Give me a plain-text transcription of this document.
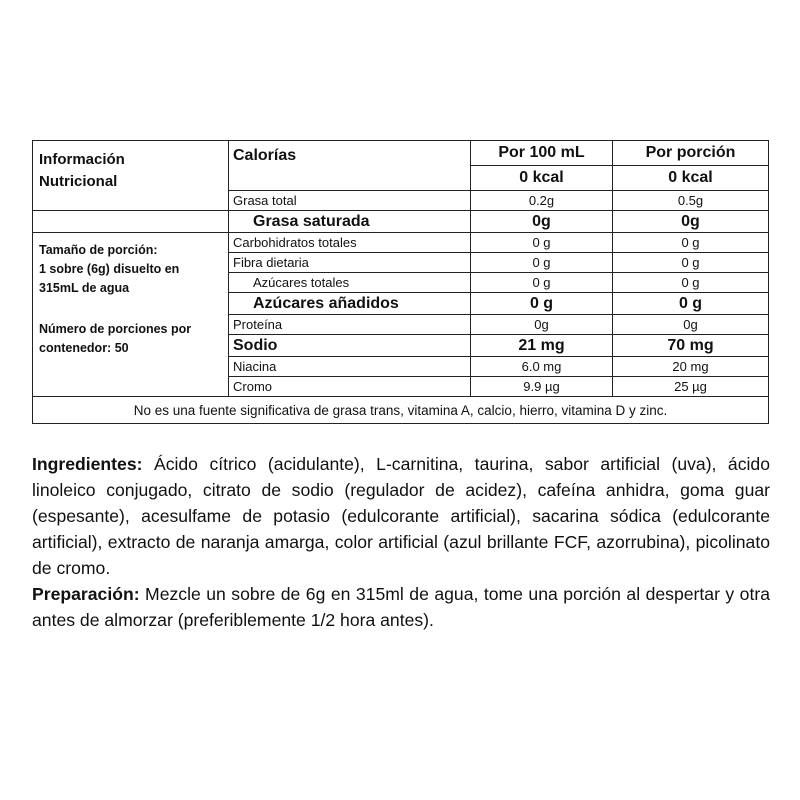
Información
Nutricional	Calorías	Por 100 mL	Por porción
		0 kcal	0 kcal
	Grasa total	0.2g	0.5g
	Grasa saturada	0g	0g

Tamaño de porción:
1 sobre (6g) disuelto en
315mL de agua
Número de porciones por
contenedor: 50	Carbohidratos totales	0 g	0 g
	Fibra dietaria	0 g	0 g
	Azúcares totales	0 g	0 g
	Azúcares añadidos	0 g	0 g
	Proteína	0g	0g
	Sodio	21 mg	70 mg
	Niacina	6.0 mg	20 mg
	Cromo	9.9 µg	25 µg
No es una fuente significativa de grasa trans, vitamina A, calcio, hierro, vitamina D y zinc.			

Ingredientes: Ácido cítrico (acidulante), L-carnitina, taurina, sabor artificial (uva), ácido linoleico conjugado, citrato de sodio (regulador de acidez), cafeína anhidra, goma guar (espesante), acesulfame de potasio (edulcorante artificial), sacarina sódica (edulcorante artificial), extracto de naranja amarga, color artificial (azul brillante FCF, azorrubina), picolinato de cromo.

Preparación: Mezcle un sobre de 6g en 315ml de agua, tome una porción al despertar y otra antes de almorzar (preferiblemente 1/2 hora antes).
